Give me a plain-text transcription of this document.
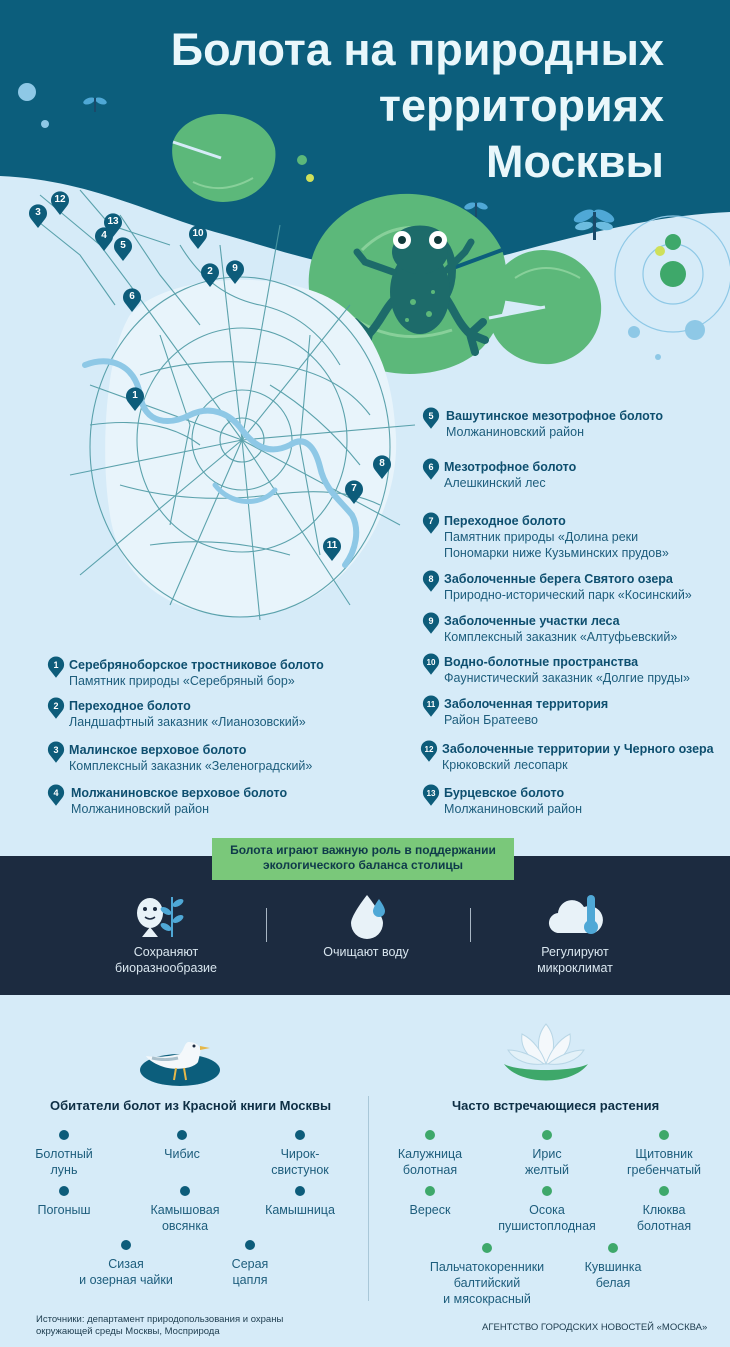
Болота на природных
территориях
Москвы
1
2
3
4
5
6
7
8
9
10
11
12
13
5 Вашутинское мезотрофное болото
Молжаниновский район
6 Мезотрофное болото
Алешкинский лес
7 Переходное болото
Памятник природы «Долина реки
Пономарки ниже Кузьминских прудов»
8 Заболоченные берега Святого озера
Природно-исторический парк «Косинский»
9 Заболоченные участки леса
Комплексный заказник «Алтуфьевский»
10 Водно-болотные пространства
Фаунистический заказник «Долгие пруды»
11 Заболоченная территория
Район Братеево
12 Заболоченные территории у Черного озера
Крюковский лесопарк
13 Бурцевское болото
Молжаниновский район
1 Серебряноборское тростниковое болото
Памятник природы «Серебряный бор»
2 Переходное болото
Ландшафтный заказник «Лианозовский»
3 Малинское верховое болото
Комплексный заказник «Зеленоградский»
4 Молжаниновское верховое болото
Молжаниновский район
Болота играют важную роль в поддержании
экологического баланса столицы
Сохраняют
биоразнообразие
Очищают воду	Регулируют
микроклимат
Обитатели болот из Красной книги Москвы	Часто встречающиеся растения
Болотный
лунь
Чибис	Чирок-
свистунок
Погоныш	Камышовая
овсянка
Камышница
Сизая
и озерная чайки
Серая
цапля
Калужница
болотная
Ирис
желтый
Щитовник
гребенчатый
Вереск	Осока
пушистоплодная
Клюква
болотная
Пальчатокоренники
балтийский
и мясокрасный
Кувшинка
белая
Источники: департамент природопользования и охраны
окружающей среды Москвы, Мосприрода	АГЕНТСТВО ГОРОДСКИХ НОВОСТЕЙ «МОСКВА»
